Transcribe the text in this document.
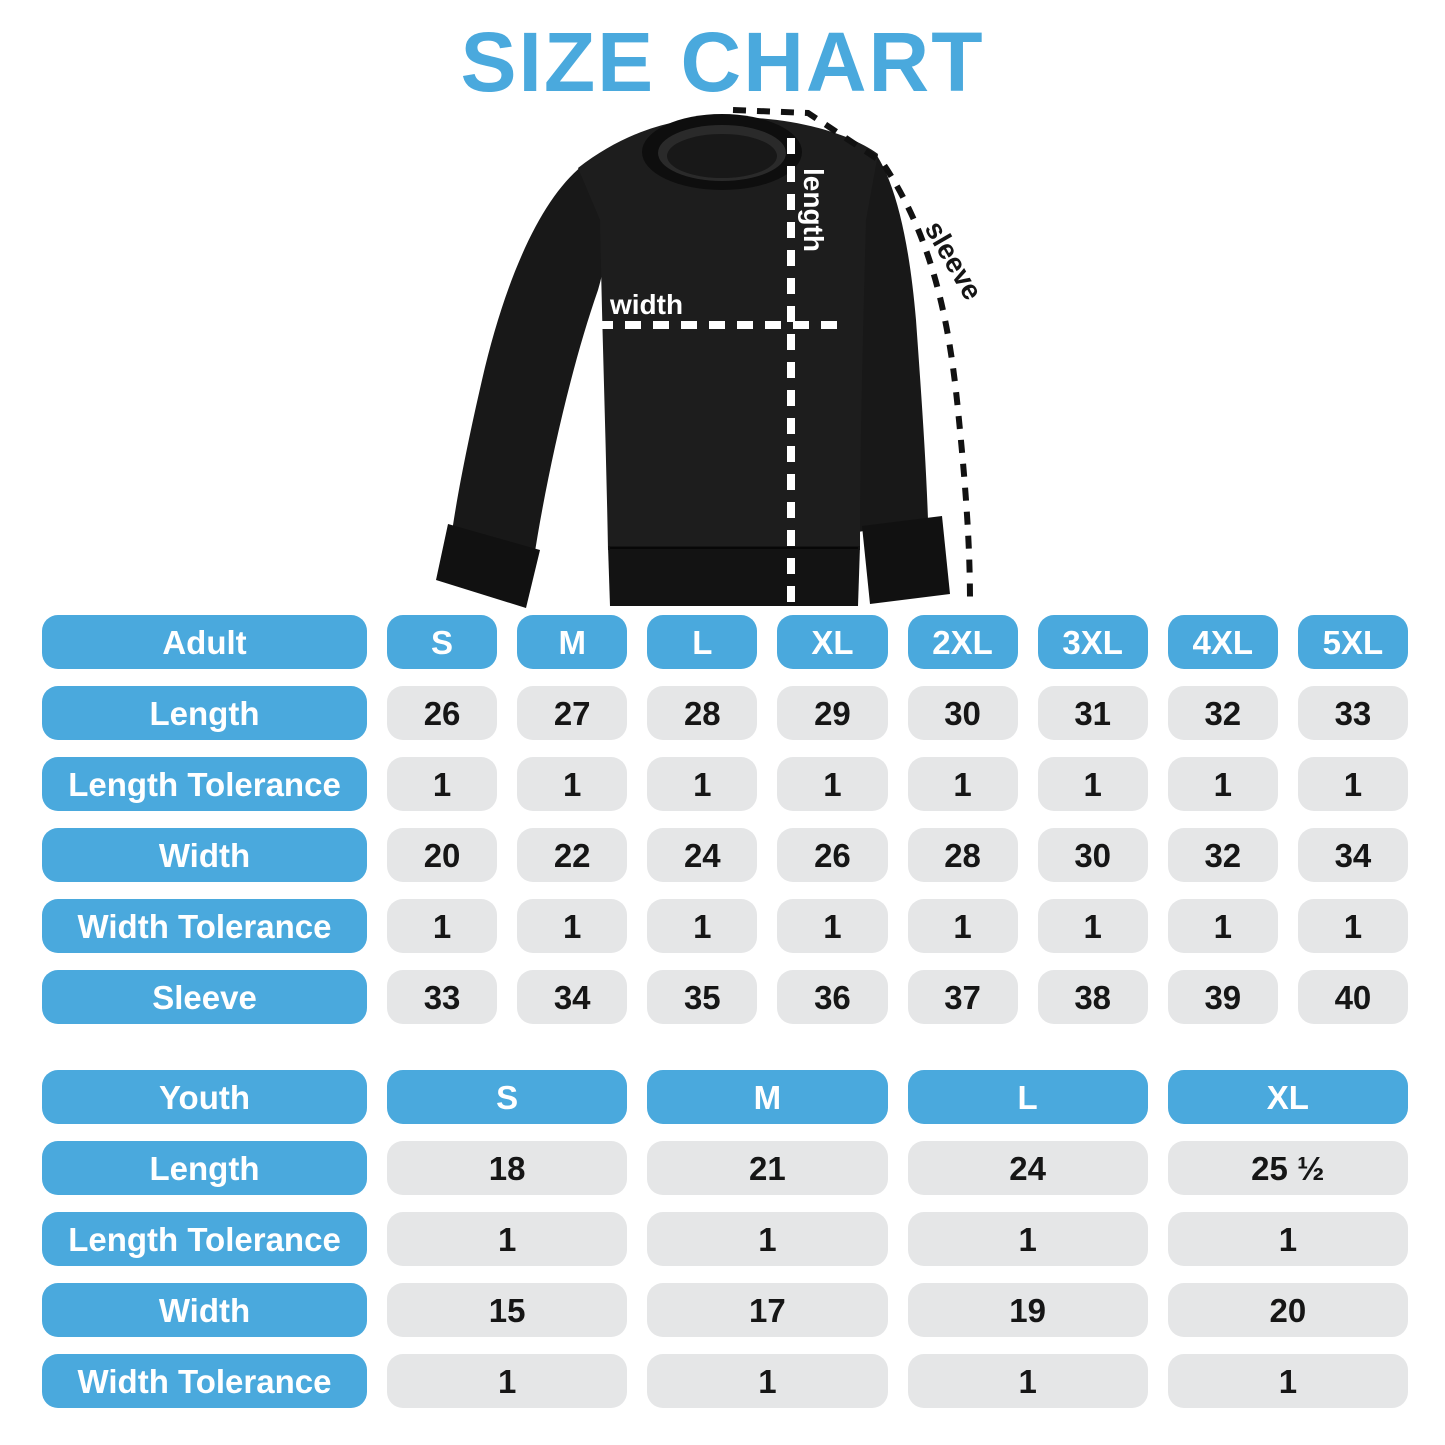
SIZE CHART
width
length
sleeve
Adult	S	M	L	XL	2XL	3XL	4XL	5XL
Length	26	27	28	29	30	31	32	33
Length Tolerance	1	1	1	1	1	1	1	1
Width	20	22	24	26	28	30	32	34
Width Tolerance	1	1	1	1	1	1	1	1
Sleeve	33	34	35	36	37	38	39	40
Youth	S	M	L	XL
Length	18	21	24	25 ½
Length Tolerance	1	1	1	1
Width	15	17	19	20
Width Tolerance	1	1	1	1
